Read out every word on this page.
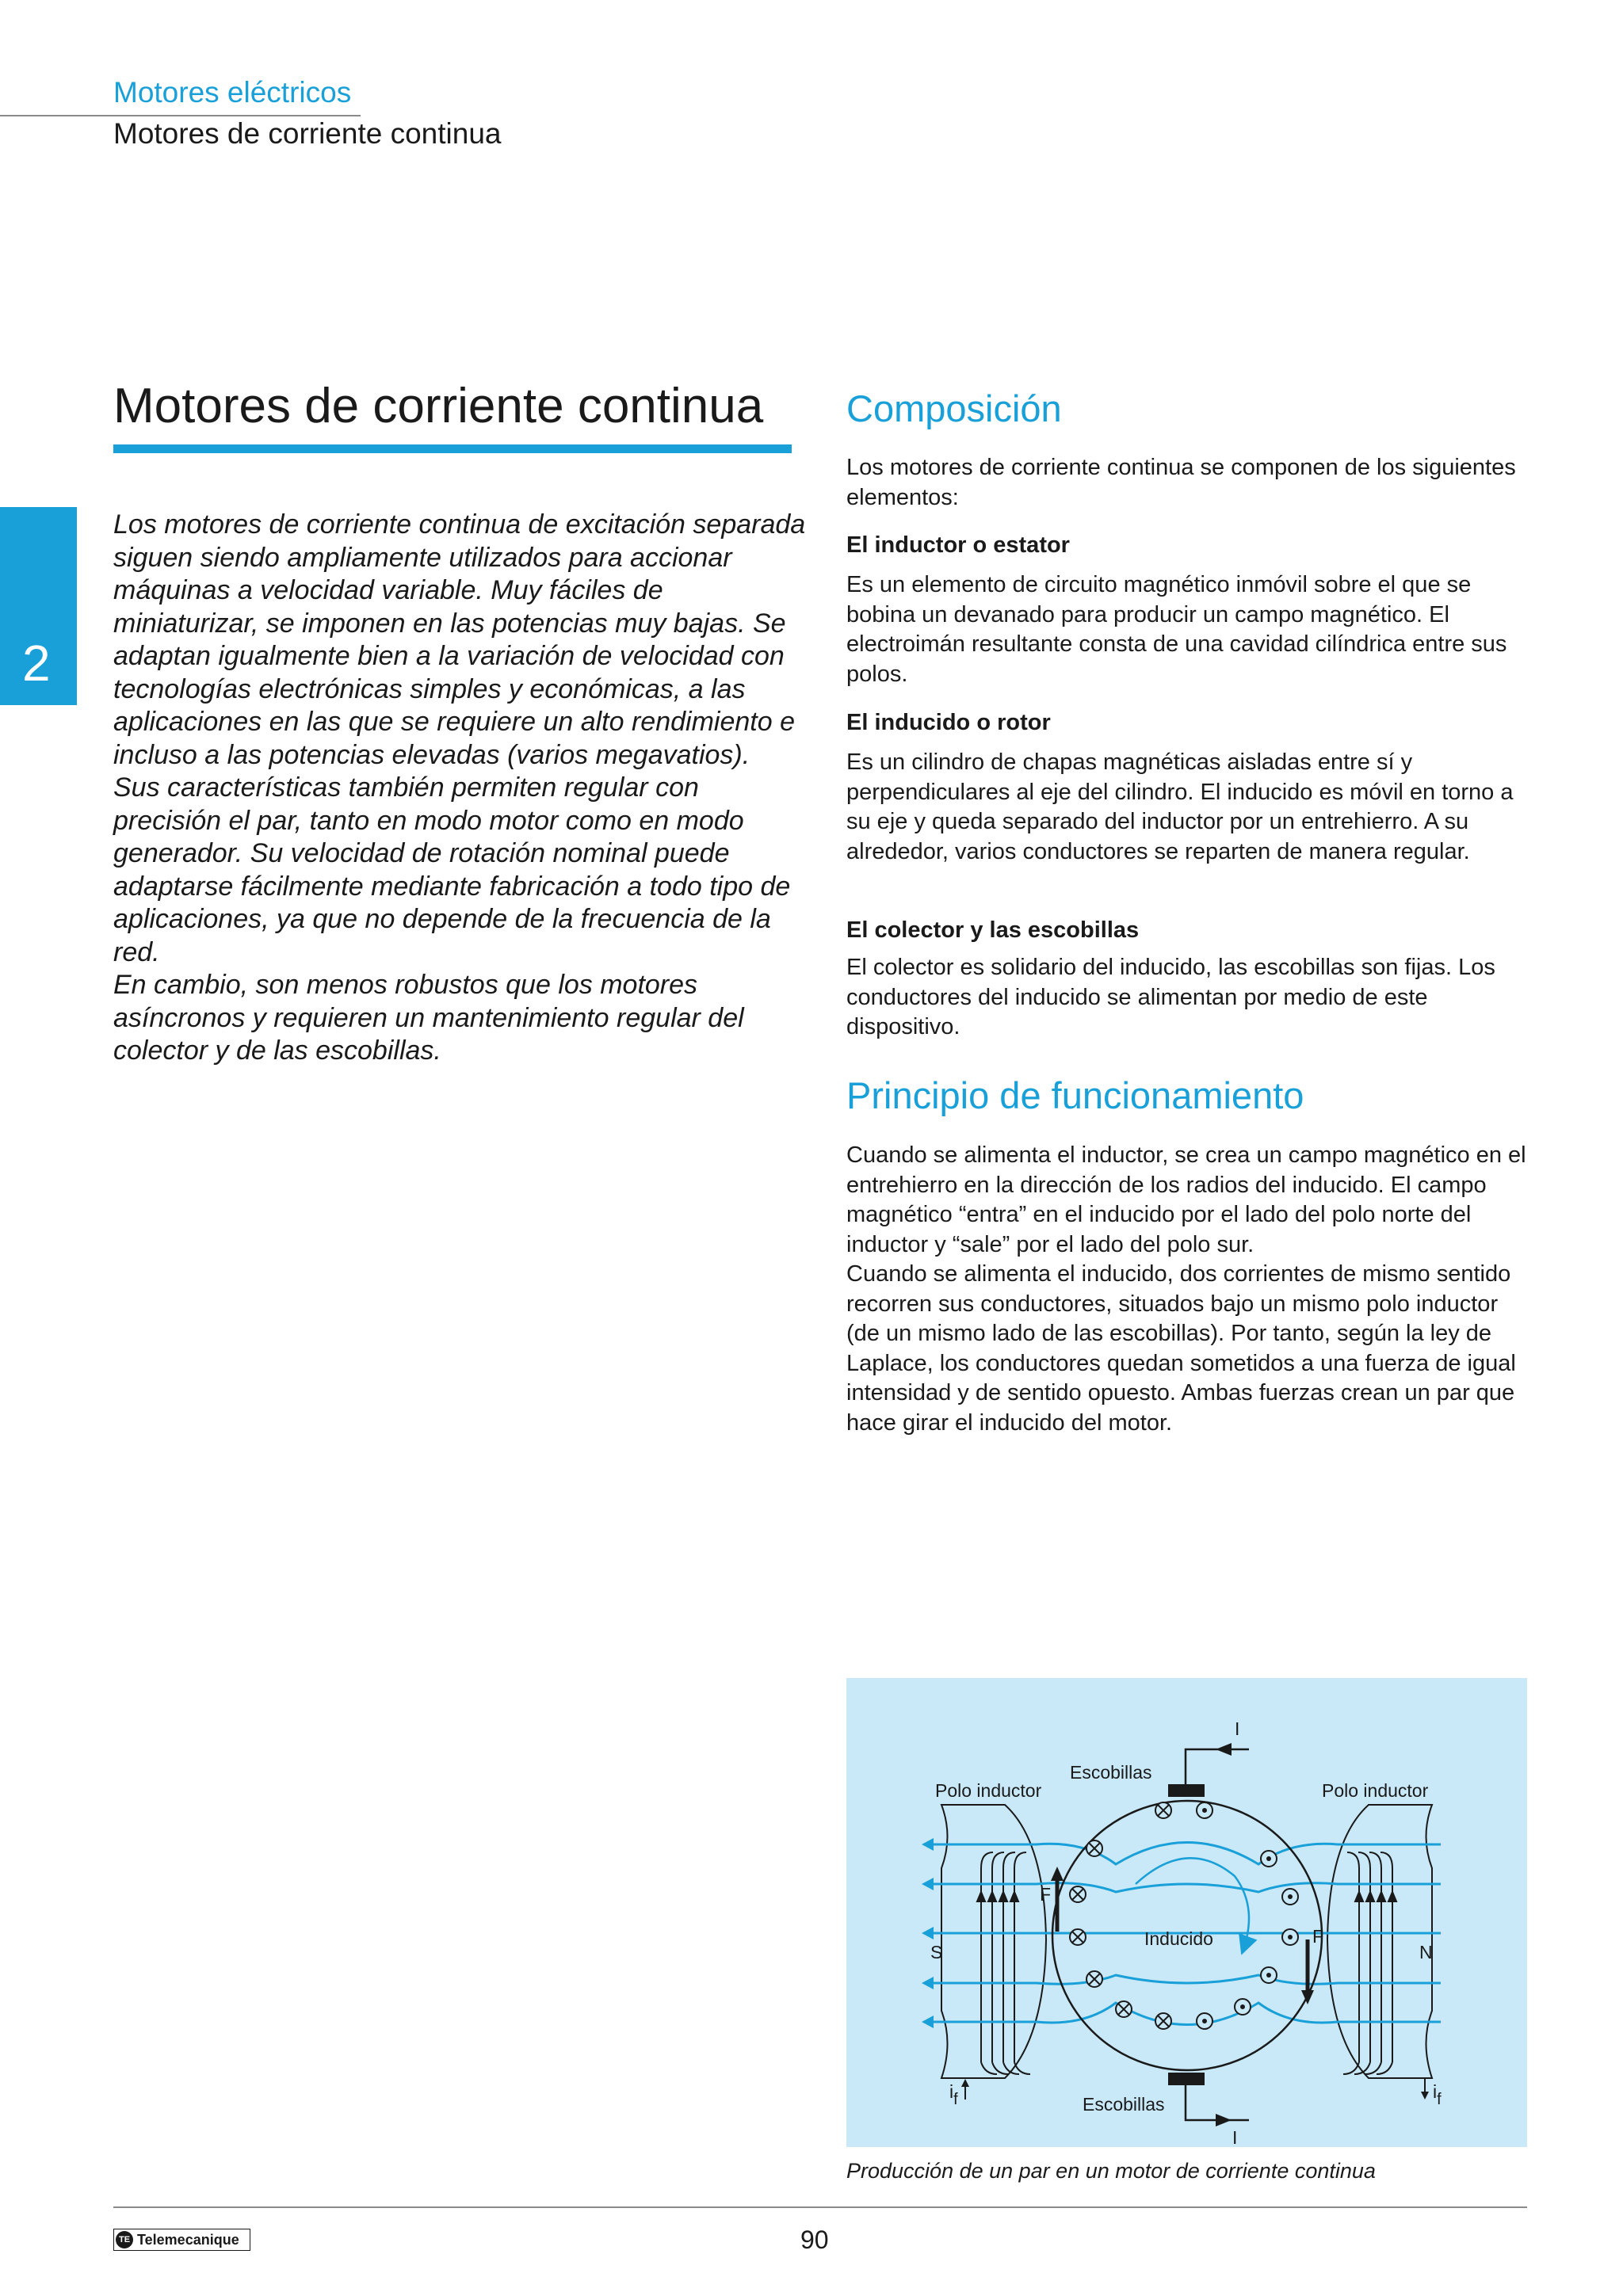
Motores eléctricos
Motores de corriente continua
2
Motores de corriente continua

Los motores de corriente continua de excitación separada siguen siendo ampliamente utilizados para accionar máquinas a velocidad variable. Muy fáciles de miniaturizar, se imponen en las potencias muy bajas. Se adaptan igualmente bien a la variación de velocidad con tecnologías electrónicas simples y económicas, a las aplicaciones en las que se requiere un alto rendimiento e incluso a las potencias elevadas (varios megavatios).

Sus características también permiten regular con precisión el par, tanto en modo motor como en modo generador. Su velocidad de rotación nominal puede adaptarse fácilmente mediante fabricación a todo tipo de aplicaciones, ya que no depende de la frecuencia de la red.

En cambio, son menos robustos que los motores asíncronos y requieren un mantenimiento regular del colector y de las escobillas.

Composición
Los motores de corriente continua se componen de los siguientes elementos:
El inductor o estator
Es un elemento de circuito magnético inmóvil sobre el que se bobina un devanado para producir un campo magnético. El electroimán resultante consta de una cavidad cilíndrica entre sus polos.
El inducido o rotor
Es un cilindro de chapas magnéticas aisladas entre sí y perpendiculares al eje del cilindro. El inducido es móvil en torno a su eje y queda separado del inductor por un entrehierro. A su alrededor, varios conductores se reparten de manera regular.
El colector y las escobillas
El colector es solidario del inducido, las escobillas son fijas. Los conductores del inducido se alimentan por medio de este dispositivo.
Principio de funcionamiento

Cuando se alimenta el inductor, se crea un campo magnético en el entrehierro en la dirección de los radios del inducido. El campo magnético “entra” en el inducido por el lado del polo norte del inductor y “sale” por el lado del polo sur.

Cuando se alimenta el inducido, dos corrientes de mismo sentido recorren sus conductores, situados bajo un mismo polo inductor (de un mismo lado de las escobillas). Por tanto, según la ley de Laplace, los conductores quedan sometidos a una fuerza de igual intensidad y de sentido opuesto. Ambas fuerzas crean un par que hace girar el inducido del motor.

Polo inductor	Polo inductor
Escobillas
Escobillas
Inducido
S	N
I
I
F
F
if	if
Producción de un par en un motor de corriente continua
TE Telemecanique	90
